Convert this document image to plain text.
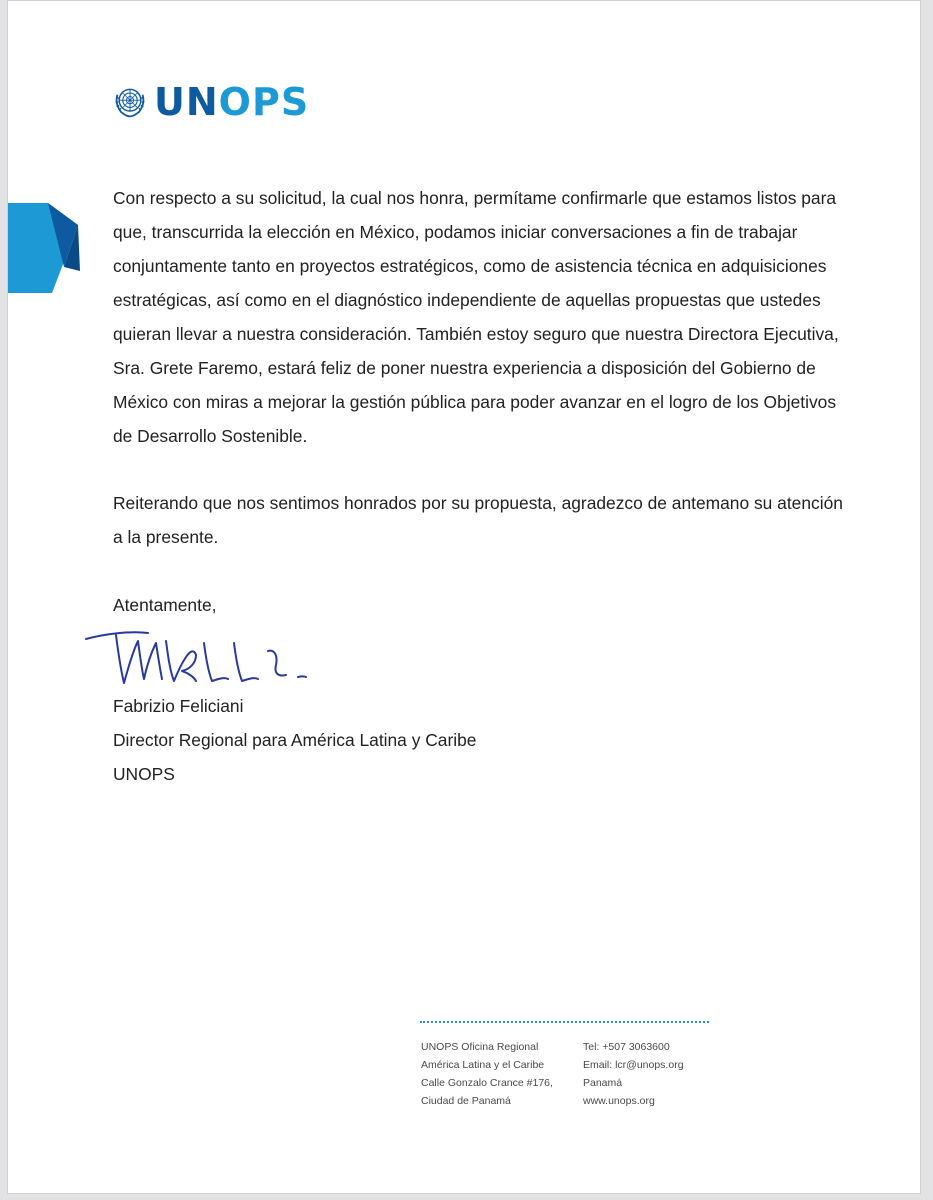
UNOPS

Con respecto a su solicitud, la cual nos honra, permítame confirmarle que estamos listos para que, transcurrida la elección en México, podamos iniciar conversaciones a fin de trabajar conjuntamente tanto en proyectos estratégicos, como de asistencia técnica en adquisiciones estratégicas, así como en el diagnóstico independiente de aquellas propuestas que ustedes quieran llevar a nuestra consideración. También estoy seguro que nuestra Directora Ejecutiva, Sra. Grete Faremo, estará feliz de poner nuestra experiencia a disposición del Gobierno de México con miras a mejorar la gestión pública para poder avanzar en el logro de los Objetivos de Desarrollo Sostenible.

Reiterando que nos sentimos honrados por su propuesta, agradezco de antemano su atención a la presente.

Atentamente,

Fabrizio Feliciani
Director Regional para América Latina y Caribe
UNOPS
UNOPS Oficina Regional
América Latina y el Caribe
Calle Gonzalo Crance #176,
Ciudad de Panamá
Tel: +507 3063600
Email: lcr@unops.org
Panamá
www.unops.org
